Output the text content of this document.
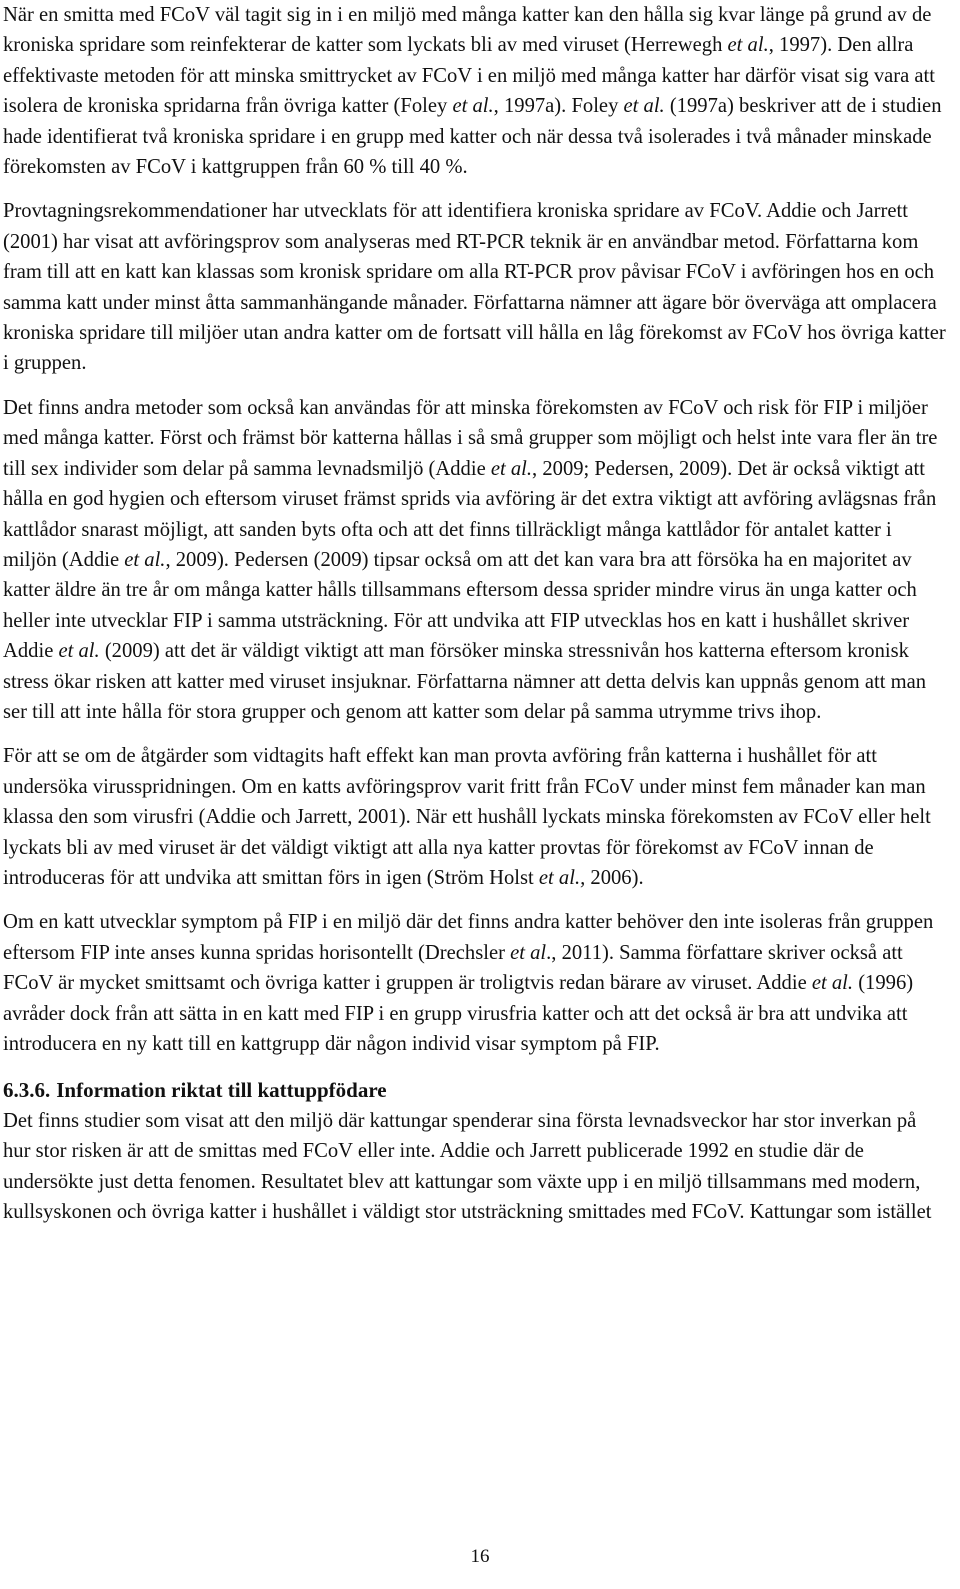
När en smitta med FCoV väl tagit sig in i en miljö med många katter kan den hålla sig kvar länge på grund av de kroniska spridare som reinfekterar de katter som lyckats bli av med viruset (Herrewegh et al., 1997). Den allra effektivaste metoden för att minska smittrycket av FCoV i en miljö med många katter har därför visat sig vara att isolera de kroniska spridarna från övriga katter (Foley et al., 1997a). Foley et al. (1997a) beskriver att de i studien hade identifierat två kroniska spridare i en grupp med katter och när dessa två isolerades i två månader minskade förekomsten av FCoV i kattgruppen från 60 % till 40 %.

Provtagningsrekommendationer har utvecklats för att identifiera kroniska spridare av FCoV. Addie och Jarrett (2001) har visat att avföringsprov som analyseras med RT-PCR teknik är en användbar metod. Författarna kom fram till att en katt kan klassas som kronisk spridare om alla RT-PCR prov påvisar FCoV i avföringen hos en och samma katt under minst åtta sammanhängande månader. Författarna nämner att ägare bör överväga att omplacera kroniska spridare till miljöer utan andra katter om de fortsatt vill hålla en låg förekomst av FCoV hos övriga katter i gruppen.

Det finns andra metoder som också kan användas för att minska förekomsten av FCoV och risk för FIP i miljöer med många katter. Först och främst bör katterna hållas i så små grupper som möjligt och helst inte vara fler än tre till sex individer som delar på samma levnadsmiljö (Addie et al., 2009; Pedersen, 2009). Det är också viktigt att hålla en god hygien och eftersom viruset främst sprids via avföring är det extra viktigt att avföring avlägsnas från kattlådor snarast möjligt, att sanden byts ofta och att det finns tillräckligt många kattlådor för antalet katter i miljön (Addie et al., 2009). Pedersen (2009) tipsar också om att det kan vara bra att försöka ha en majoritet av katter äldre än tre år om många katter hålls tillsammans eftersom dessa sprider mindre virus än unga katter och heller inte utvecklar FIP i samma utsträckning. För att undvika att FIP utvecklas hos en katt i hushållet skriver Addie et al. (2009) att det är väldigt viktigt att man försöker minska stressnivån hos katterna eftersom kronisk stress ökar risken att katter med viruset insjuknar. Författarna nämner att detta delvis kan uppnås genom att man ser till att inte hålla för stora grupper och genom att katter som delar på samma utrymme trivs ihop.

För att se om de åtgärder som vidtagits haft effekt kan man provta avföring från katterna i hushållet för att undersöka virusspridningen. Om en katts avföringsprov varit fritt från FCoV under minst fem månader kan man klassa den som virusfri (Addie och Jarrett, 2001). När ett hushåll lyckats minska förekomsten av FCoV eller helt lyckats bli av med viruset är det väldigt viktigt att alla nya katter provtas för förekomst av FCoV innan de introduceras för att undvika att smittan förs in igen (Ström Holst et al., 2006).

Om en katt utvecklar symptom på FIP i en miljö där det finns andra katter behöver den inte isoleras från gruppen eftersom FIP inte anses kunna spridas horisontellt (Drechsler et al., 2011). Samma författare skriver också att FCoV är mycket smittsamt och övriga katter i gruppen är troligtvis redan bärare av viruset. Addie et al. (1996) avråder dock från att sätta in en katt med FIP i en grupp virusfria katter och att det också är bra att undvika att introducera en ny katt till en kattgrupp där någon individ visar symptom på FIP.

6.3.6. Information riktat till kattuppfödare

Det finns studier som visat att den miljö där kattungar spenderar sina första levnadsveckor har stor inverkan på hur stor risken är att de smittas med FCoV eller inte. Addie och Jarrett publicerade 1992 en studie där de undersökte just detta fenomen. Resultatet blev att kattungar som växte upp i en miljö tillsammans med modern, kullsyskonen och övriga katter i hushållet i väldigt stor utsträckning smittades med FCoV. Kattungar som istället

16
